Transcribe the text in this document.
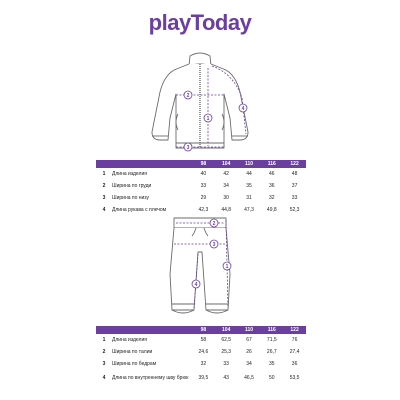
playToday
1
2
3
4
98	104	110	116	122
1	Длина изделия	40	42	44	46	48
2	Ширина по груди	33	34	35	36	37
3	Ширина по низу	29	30	31	32	33
4	Длина рукава с плечом	42,3	44,8	47,3	49,8	52,3
1
2
3
4
98	104	110	116	122
1	Длина изделия	58	62,5	67	71,5	76
2	Ширина по талии	24,6	25,3	26	26,7	27,4
3	Ширина по бедрам	32	33	34	35	36
4	Длина по внутреннему шву брюк	39,5	43	46,5	50	53,5
